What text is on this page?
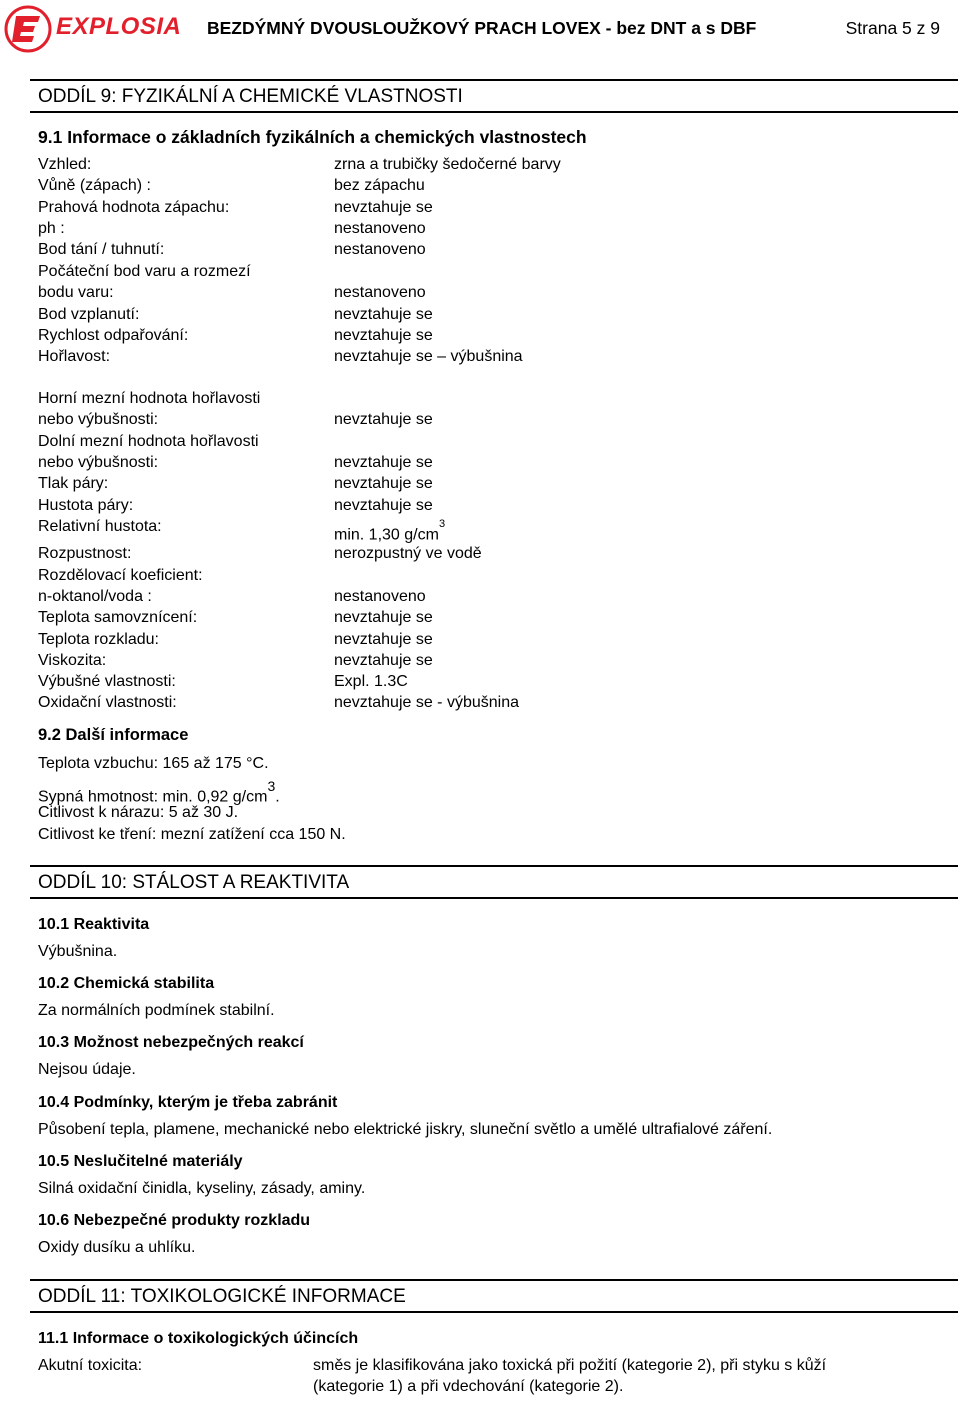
EXPLOSIA BEZDÝMNÝ DVOUSLOUŽKOVÝ PRACH LOVEX - bez DNT a s DBF	Strana 5 z 9
ODDÍL 9: FYZIKÁLNÍ A CHEMICKÉ VLASTNOSTI
9.1 Informace o základních fyzikálních a chemických vlastnostech
Vzhled:	zrna a trubičky šedočerné barvy
Vůně (zápach) :	bez zápachu
Prahová hodnota zápachu:	nevztahuje se
ph :	nestanoveno
Bod tání / tuhnutí:	nestanoveno
Počáteční bod varu a rozmezí
bodu varu:	nestanoveno
Bod vzplanutí:	nevztahuje se
Rychlost odpařování:	nevztahuje se
Hořlavost:	nevztahuje se – výbušnina
Horní mezní hodnota hořlavosti
nebo výbušnosti:	nevztahuje se
Dolní mezní hodnota hořlavosti
nebo výbušnosti:	nevztahuje se
Tlak páry:	nevztahuje se
Hustota páry:	nevztahuje se
Relativní hustota:	min. 1,30 $g/cm^3$
Rozpustnost:	nerozpustný ve vodě
Rozdělovací koeficient:
n-oktanol/voda :	nestanoveno
Teplota samovznícení:	nevztahuje se
Teplota rozkladu:	nevztahuje se
Viskozita:	nevztahuje se
Výbušné vlastnosti:	Expl. 1.3C
Oxidační vlastnosti:	nevztahuje se - výbušnina
9.2 Další informace
Teplota vzbuchu: 165 až 175 °C.
Sypná hmotnost: min. 0,92 $g/cm^3$.
Citlivost k nárazu: 5 až 30 J.
Citlivost ke tření: mezní zatížení cca 150 N.
ODDÍL 10: STÁLOST A REAKTIVITA
10.1 Reaktivita
Výbušnina.
10.2 Chemická stabilita
Za normálních podmínek stabilní.
10.3 Možnost nebezpečných reakcí
Nejsou údaje.
10.4 Podmínky, kterým je třeba zabránit
Působení tepla, plamene, mechanické nebo elektrické jiskry, sluneční světlo a umělé ultrafialové záření.
10.5 Neslučitelné materiály
Silná oxidační činidla, kyseliny, zásady, aminy.
10.6 Nebezpečné produkty rozkladu
Oxidy dusíku a uhlíku.
ODDÍL 11: TOXIKOLOGICKÉ INFORMACE
11.1 Informace o toxikologických účincích
Akutní toxicita:	směs je klasifikována jako toxická při požití (kategorie 2), při styku s kůží
(kategorie 1) a při vdechování (kategorie 2).
